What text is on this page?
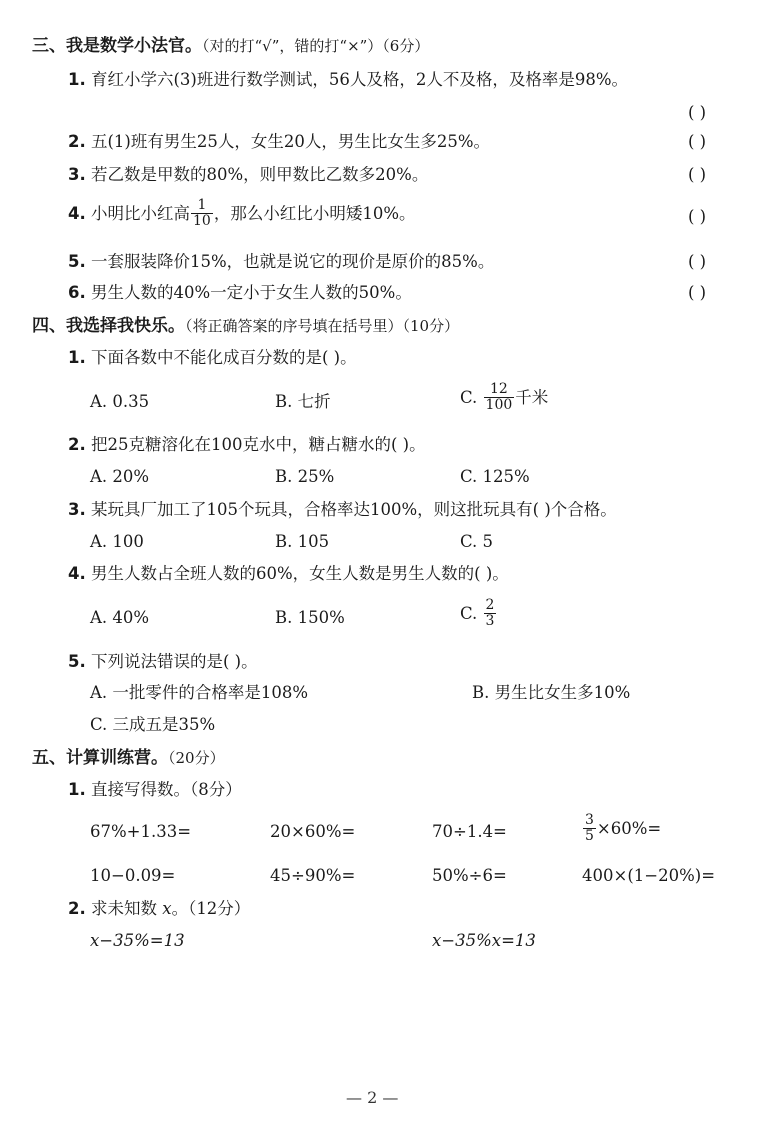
三、我是数学小法官。（对的打“√”，错的打“×”）（6分）
1. 育红小学六(3)班进行数学测试，56人及格，2人不及格，及格率是98%。
( )
2. 五(1)班有男生25人，女生20人，男生比女生多25%。	( )
3. 若乙数是甲数的80%，则甲数比乙数多20%。	( )
4.
小明比小红高 $\frac{1}{10}$ ，那么小红比小明矮10%。	( )
5. 一套服装降价15%，也就是说它的现价是原价的85%。	( )
6. 男生人数的40%一定小于女生人数的50%。	( )
四、我选择我快乐。（将正确答案的序号填在括号里）（10分）
1. 下面各数中不能化成百分数的是( )。
A. 0.35	B. 七折	C.
$\frac{12}{100}$ 千米
2. 把25克糖溶化在100克水中，糖占糖水的( )。
A. 20%	B. 25%	C. 125%
3. 某玩具厂加工了105个玩具，合格率达100%，则这批玩具有( )个合格。
A. 100	B. 105	C. 5
4. 男生人数占全班人数的60%，女生人数是男生人数的( )。
A. 40%	B. 150%	C.
$\frac{2}{3}$
5. 下列说法错误的是( )。
A. 一批零件的合格率是108%	B. 男生比女生多10%
C. 三成五是35%
五、计算训练营。（20分）
1. 直接写得数。（8分）
67%+1.33=	20×60%=	70÷1.4=	$\frac{3}{5} \times 60\%=$
10−0.09=	45÷90%=	50%÷6=	400×(1−20%)=
2. 求未知数 x。（12分）
x−35%=13	x−35%x=13
— 2 —
